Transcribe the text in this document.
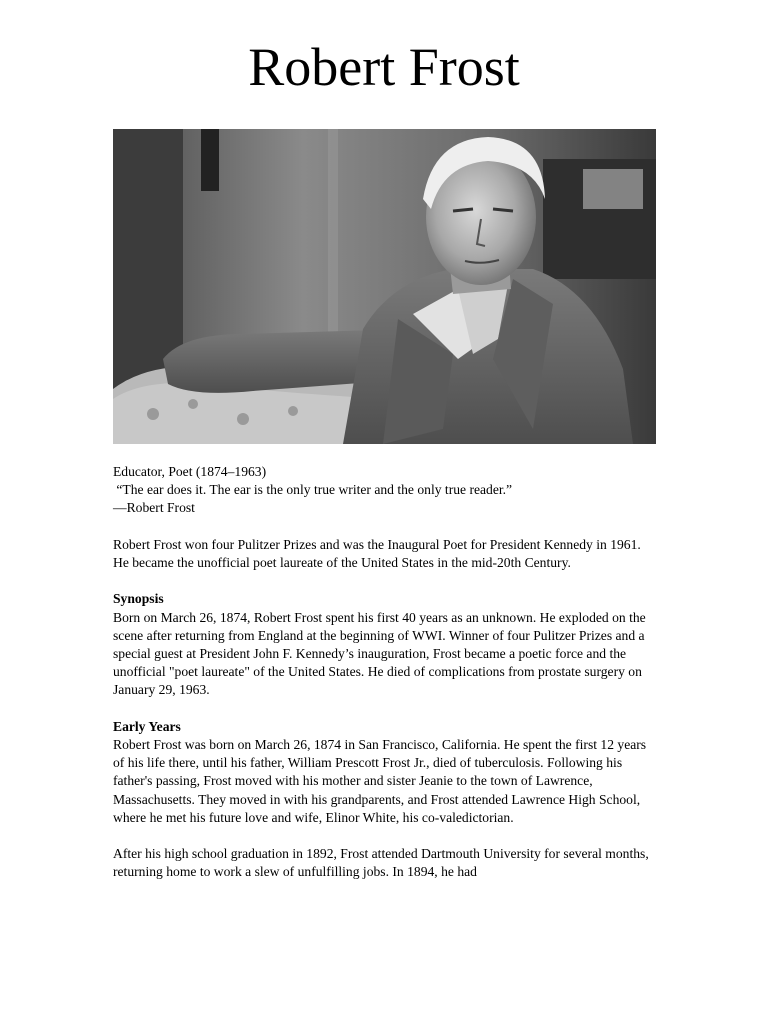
Robert Frost

Educator, Poet (1874–1963)

“The ear does it. The ear is the only true writer and the only true reader.”

—Robert Frost

Robert Frost won four Pulitzer Prizes and was the Inaugural Poet for President Kennedy in 1961. He became the unofficial poet laureate of the United States in the mid-20th Century.

Synopsis

Born on March 26, 1874, Robert Frost spent his first 40 years as an unknown. He exploded on the scene after returning from England at the beginning of WWI. Winner of four Pulitzer Prizes and a special guest at President John F. Kennedy’s inauguration, Frost became a poetic force and the unofficial "poet laureate" of the United States. He died of complications from prostate surgery on January 29, 1963.

Early Years

Robert Frost was born on March 26, 1874 in San Francisco, California. He spent the first 12 years of his life there, until his father, William Prescott Frost Jr., died of tuberculosis. Following his father's passing, Frost moved with his mother and sister Jeanie to the town of Lawrence, Massachusetts. They moved in with his grandparents, and Frost attended Lawrence High School, where he met his future love and wife, Elinor White, his co-valedictorian.

After his high school graduation in 1892, Frost attended Dartmouth University for several months, returning home to work a slew of unfulfilling jobs. In 1894, he had
